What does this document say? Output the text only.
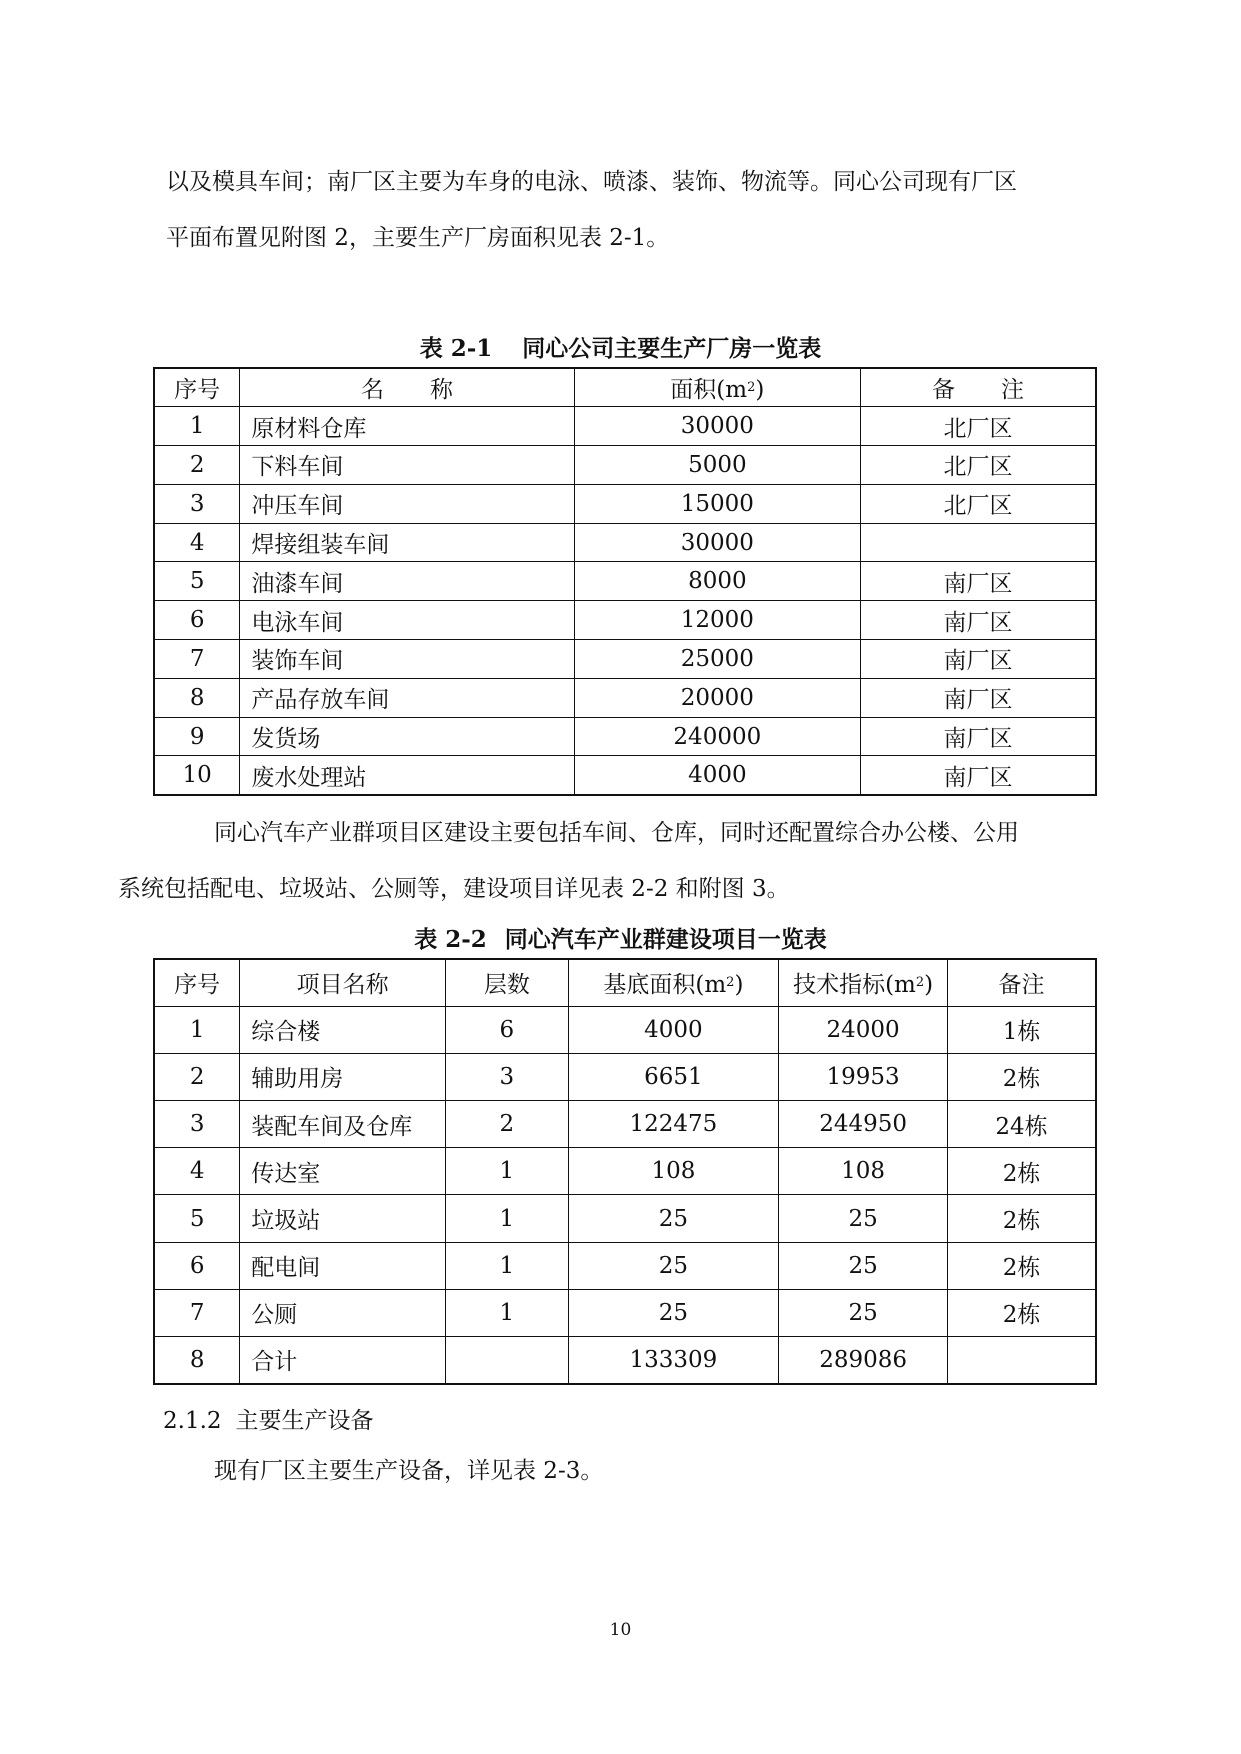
以及模具车间；南厂区主要为车身的电泳、喷漆、装饰、物流等。同心公司现有厂区
平面布置见附图 2，主要生产厂房面积见表 2-1。

表 2-1 同心公司主要生产厂房一览表

序号	名　　称	面积$(m^2)$	备　　注
1	原材料仓库	30000	北厂区
2	下料车间	5000	北厂区
3	冲压车间	15000	北厂区
4	焊接组装车间	30000	
5	油漆车间	8000	南厂区
6	电泳车间	12000	南厂区
7	装饰车间	25000	南厂区
8	产品存放车间	20000	南厂区
9	发货场	240000	南厂区
10	废水处理站	4000	南厂区
同心汽车产业群项目区建设主要包括车间、仓库，同时还配置综合办公楼、公用
系统包括配电、垃圾站、公厕等，建设项目详见表 2-2 和附图 3。

表 2-2 同心汽车产业群建设项目一览表

序号	项目名称	层数	基底面积$(m^2)$	技术指标$(m^2)$	备注
1	综合楼	6	4000	24000	1栋
2	辅助用房	3	6651	19953	2栋
3	装配车间及仓库	2	122475	244950	24栋
4	传达室	1	108	108	2栋
5	垃圾站	1	25	25	2栋
6	配电间	1	25	25	2栋
7	公厕	1	25	25	2栋
8	合计		133309	289086	

2.1.2 主要生产设备

现有厂区主要生产设备，详见表 2-3。
10
